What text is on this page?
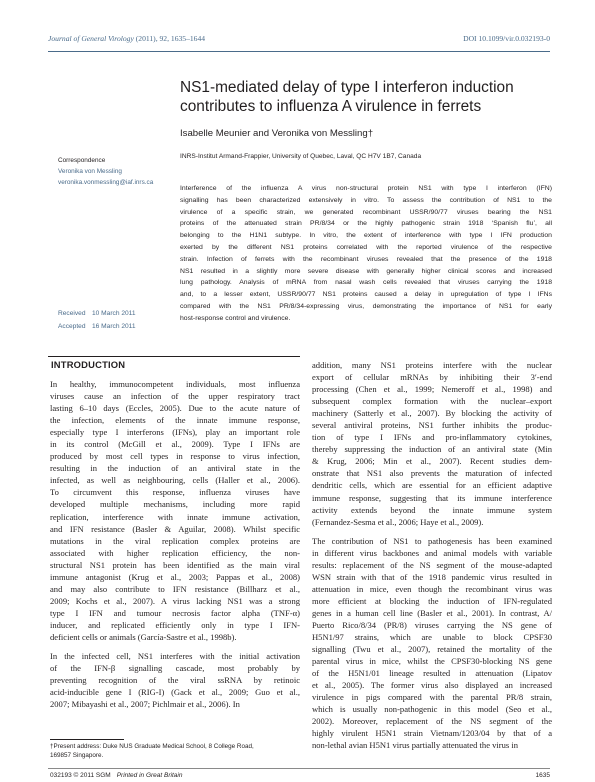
Journal of General Virology (2011), 92, 1635–1644	DOI 10.1099/vir.0.032193-0
NS1-mediated delay of type I interferon induction
contributes to influenza A virulence in ferrets
Isabelle Meunier and Veronika von Messling†
INRS-Institut Armand-Frappier, University of Quebec, Laval, QC H7V 1B7, Canada
Correspondence
Veronika von Messling
veronika.vonmessling@iaf.inrs.ca
Interference of the influenza A virus non-structural protein NS1 with type I interferon (IFN)
signalling has been characterized extensively in vitro. To assess the contribution of NS1 to the
virulence of a specific strain, we generated recombinant USSR/90/77 viruses bearing the NS1
proteins of the attenuated strain PR/8/34 or the highly pathogenic strain 1918 ‘Spanish flu’, all
belonging to the H1N1 subtype. In vitro, the extent of interference with type I IFN production
exerted by the different NS1 proteins correlated with the reported virulence of the respective
strain. Infection of ferrets with the recombinant viruses revealed that the presence of the 1918
NS1 resulted in a slightly more severe disease with generally higher clinical scores and increased
lung pathology. Analysis of mRNA from nasal wash cells revealed that viruses carrying the 1918
and, to a lesser extent, USSR/90/77 NS1 proteins caused a delay in upregulation of type I IFNs
compared with the NS1 PR/8/34-expressing virus, demonstrating the importance of NS1 for early
host-response control and virulence.
Received 10 March 2011
Accepted 16 March 2011
INTRODUCTION
In healthy, immunocompetent individuals, most influenza
viruses cause an infection of the upper respiratory tract
lasting 6–10 days (Eccles, 2005). Due to the acute nature of
the infection, elements of the innate immune response,
especially type I interferons (IFNs), play an important role
in its control (McGill et al., 2009). Type I IFNs are
produced by most cell types in response to virus infection,
resulting in the induction of an antiviral state in the
infected, as well as neighbouring, cells (Haller et al., 2006).
To circumvent this response, influenza viruses have
developed multiple mechanisms, including more rapid
replication, interference with innate immune activation,
and IFN resistance (Basler & Aguilar, 2008). Whilst specific
mutations in the viral replication complex proteins are
associated with higher replication efficiency, the non-
structural NS1 protein has been identified as the main viral
immune antagonist (Krug et al., 2003; Pappas et al., 2008)
and may also contribute to IFN resistance (Billharz et al.,
2009; Kochs et al., 2007). A virus lacking NS1 was a strong
type I IFN and tumour necrosis factor alpha (TNF-α)
inducer, and replicated efficiently only in type I IFN-
deficient cells or animals (García-Sastre et al., 1998b).
In the infected cell, NS1 interferes with the initial activation
of the IFN-β signalling cascade, most probably by
preventing recognition of the viral ssRNA by retinoic
acid-inducible gene I (RIG-I) (Gack et al., 2009; Guo et al.,
2007; Mibayashi et al., 2007; Pichlmair et al., 2006). In
addition, many NS1 proteins interfere with the nuclear
export of cellular mRNAs by inhibiting their 3′-end
processing (Chen et al., 1999; Nemeroff et al., 1998) and
subsequent complex formation with the nuclear–export
machinery (Satterly et al., 2007). By blocking the activity of
several antiviral proteins, NS1 further inhibits the produc-
tion of type I IFNs and pro-inflammatory cytokines,
thereby suppressing the induction of an antiviral state (Min
& Krug, 2006; Min et al., 2007). Recent studies dem-
onstrate that NS1 also prevents the maturation of infected
dendritic cells, which are essential for an efficient adaptive
immune response, suggesting that its immune interference
activity extends beyond the innate immune system
(Fernandez-Sesma et al., 2006; Haye et al., 2009).
The contribution of NS1 to pathogenesis has been examined
in different virus backbones and animal models with variable
results: replacement of the NS segment of the mouse-adapted
WSN strain with that of the 1918 pandemic virus resulted in
attenuation in mice, even though the recombinant virus was
more efficient at blocking the induction of IFN-regulated
genes in a human cell line (Basler et al., 2001). In contrast, A/
Puerto Rico/8/34 (PR/8) viruses carrying the NS gene of
H5N1/97 strains, which are unable to block CPSF30
signalling (Twu et al., 2007), retained the mortality of the
parental virus in mice, whilst the CPSF30-blocking NS gene
of the H5N1/01 lineage resulted in attenuation (Lipatov
et al., 2005). The former virus also displayed an increased
virulence in pigs compared with the parental PR/8 strain,
which is usually non-pathogenic in this model (Seo et al.,
2002). Moreover, replacement of the NS segment of the
highly virulent H5N1 strain Vietnam/1203/04 by that of a
non-lethal avian H5N1 virus partially attenuated the virus in
†Present address: Duke NUS Graduate Medical School, 8 College Road,
169857 Singapore.
032193 © 2011 SGM Printed in Great Britain	1635
